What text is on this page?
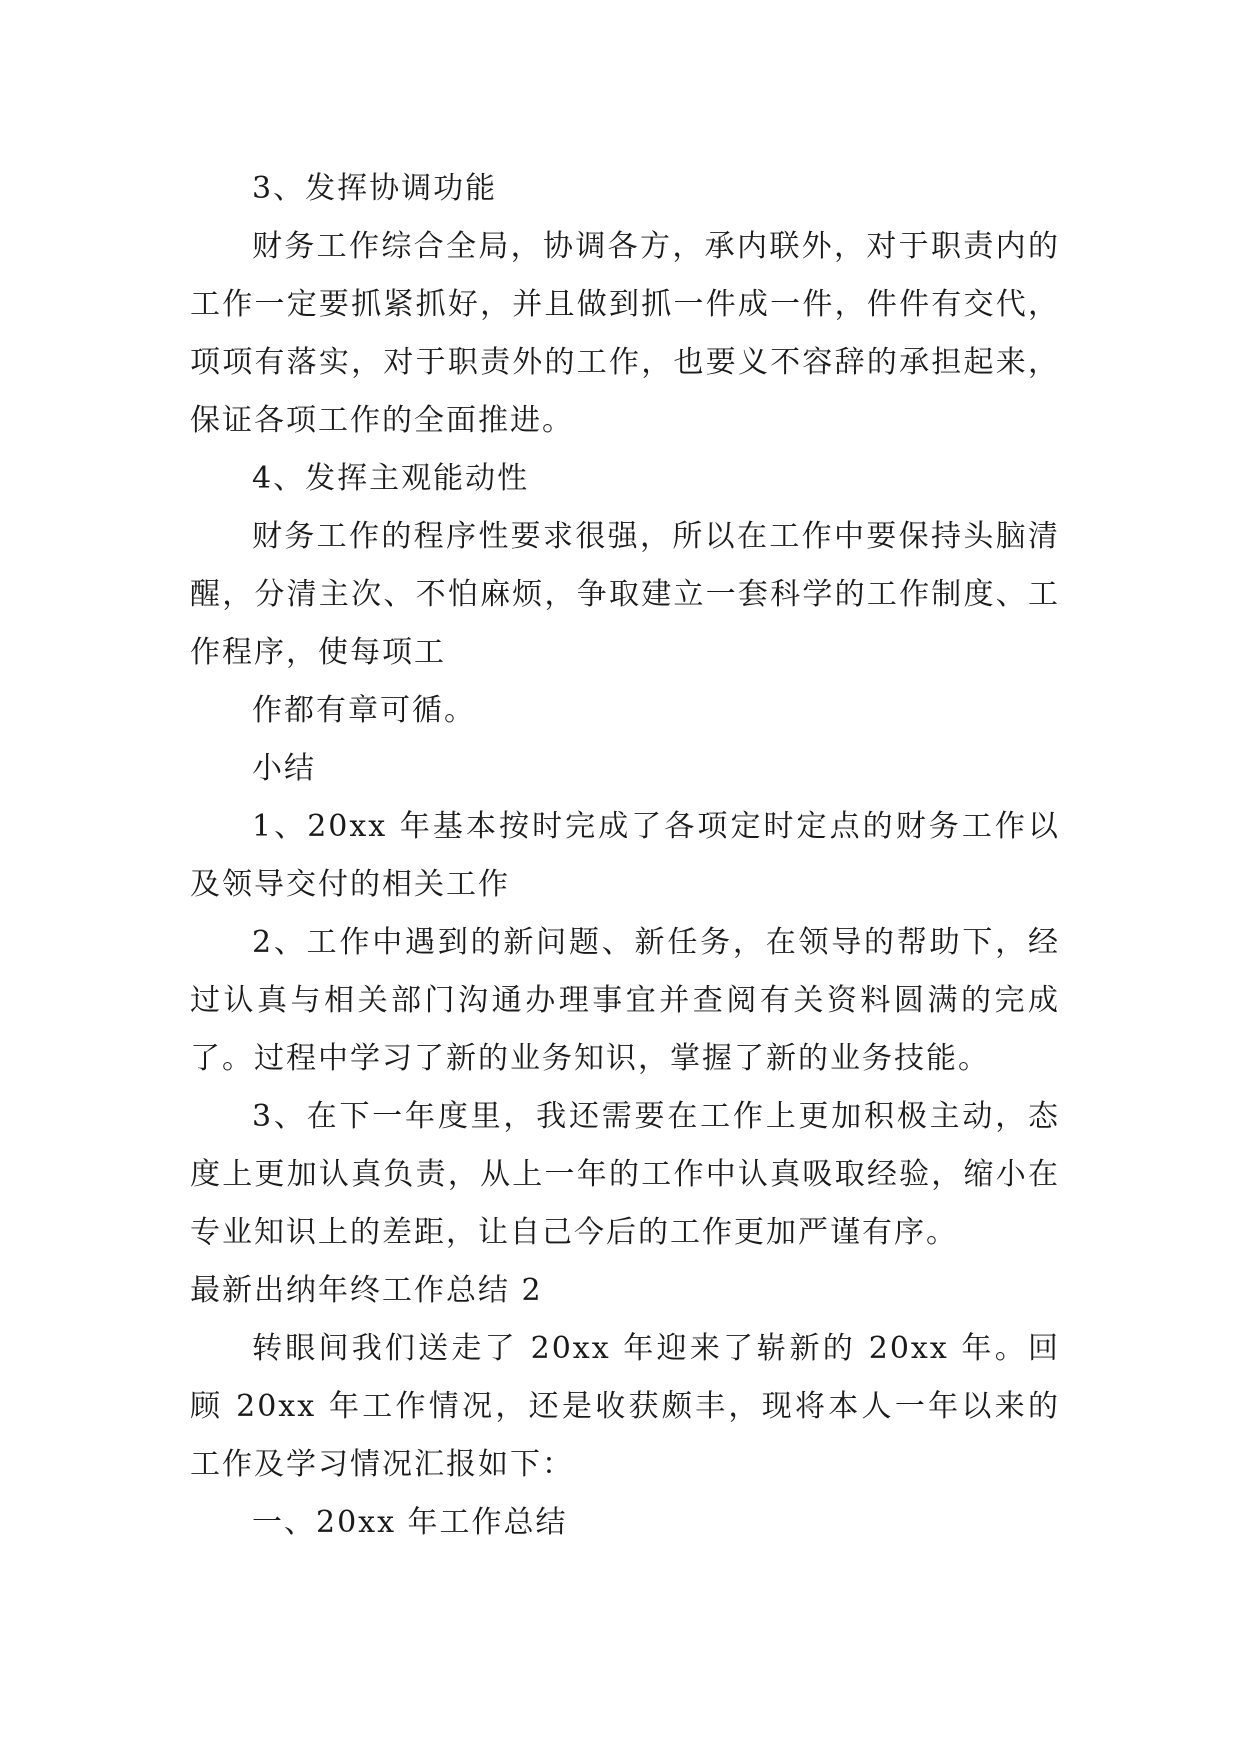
3、发挥协调功能

财务工作综合全局，协调各方，承内联外，对于职责内的工作一定要抓紧抓好，并且做到抓一件成一件，件件有交代，项项有落实，对于职责外的工作，也要义不容辞的承担起来，保证各项工作的全面推进。

4、发挥主观能动性

财务工作的程序性要求很强，所以在工作中要保持头脑清醒，分清主次、不怕麻烦，争取建立一套科学的工作制度、工作程序，使每项工

作都有章可循。

小结

1、20xx 年基本按时完成了各项定时定点的财务工作以及领导交付的相关工作

2、工作中遇到的新问题、新任务，在领导的帮助下，经过认真与相关部门沟通办理事宜并查阅有关资料圆满的完成了。过程中学习了新的业务知识，掌握了新的业务技能。

3、在下一年度里，我还需要在工作上更加积极主动，态度上更加认真负责，从上一年的工作中认真吸取经验，缩小在专业知识上的差距，让自己今后的工作更加严谨有序。

最新出纳年终工作总结 2

转眼间我们送走了 20xx 年迎来了崭新的 20xx 年。回顾 20xx 年工作情况，还是收获颇丰，现将本人一年以来的工作及学习情况汇报如下：

一、20xx 年工作总结
